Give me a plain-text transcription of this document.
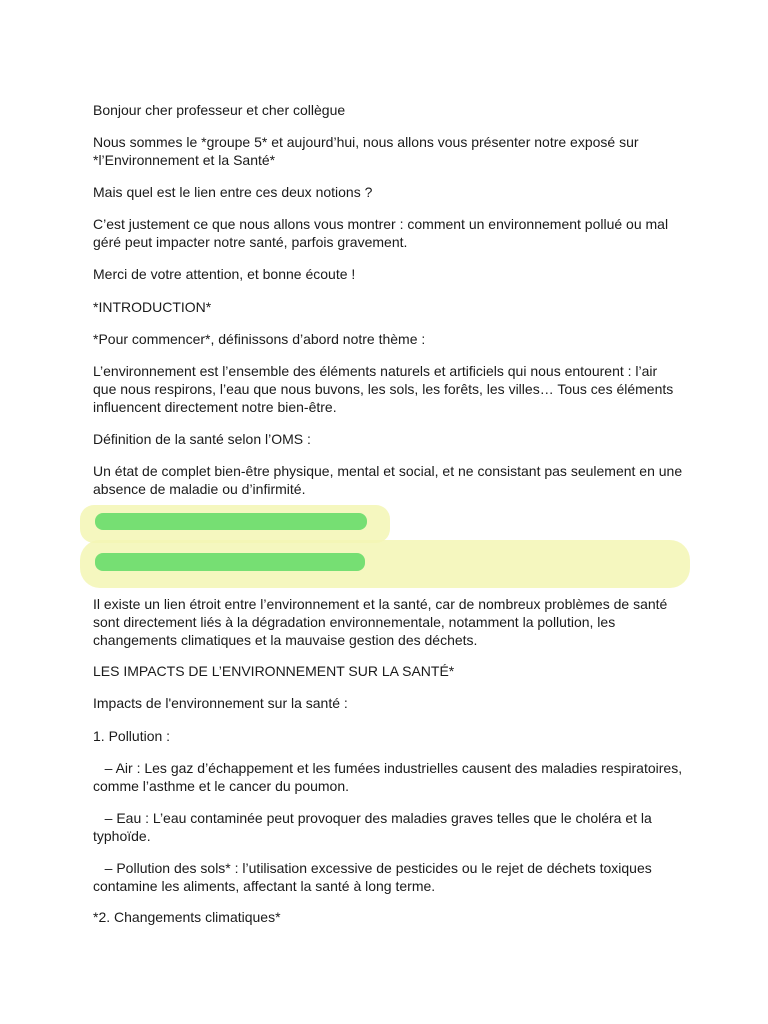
Bonjour cher professeur et cher collègue

Nous sommes le *groupe 5* et aujourd’hui, nous allons vous présenter notre exposé sur *l’Environnement et la Santé*

Mais quel est le lien entre ces deux notions ?

C’est justement ce que nous allons vous montrer : comment un environnement pollué ou mal géré peut impacter notre santé, parfois gravement.

Merci de votre attention, et bonne écoute !

*INTRODUCTION*

*Pour commencer*, définissons d’abord notre thème :

L’environnement est l’ensemble des éléments naturels et artificiels qui nous entourent : l’air que nous respirons, l’eau que nous buvons, les sols, les forêts, les villes… Tous ces éléments influencent directement notre bien-être.

Définition de la santé selon l’OMS :

Un état de complet bien-être physique, mental et social, et ne consistant pas seulement en une absence de maladie ou d’infirmité.

Il existe un lien étroit entre l’environnement et la santé, car de nombreux problèmes de santé sont directement liés à la dégradation environnementale, notamment la pollution, les changements climatiques et la mauvaise gestion des déchets.

LES IMPACTS DE L’ENVIRONNEMENT SUR LA SANTÉ*

Impacts de l'environnement sur la santé :

1. Pollution :

– Air : Les gaz d’échappement et les fumées industrielles causent des maladies respiratoires, comme l’asthme et le cancer du poumon.

– Eau : L’eau contaminée peut provoquer des maladies graves telles que le choléra et la typhoïde.

– Pollution des sols* : l’utilisation excessive de pesticides ou le rejet de déchets toxiques contamine les aliments, affectant la santé à long terme.

*2. Changements climatiques*
